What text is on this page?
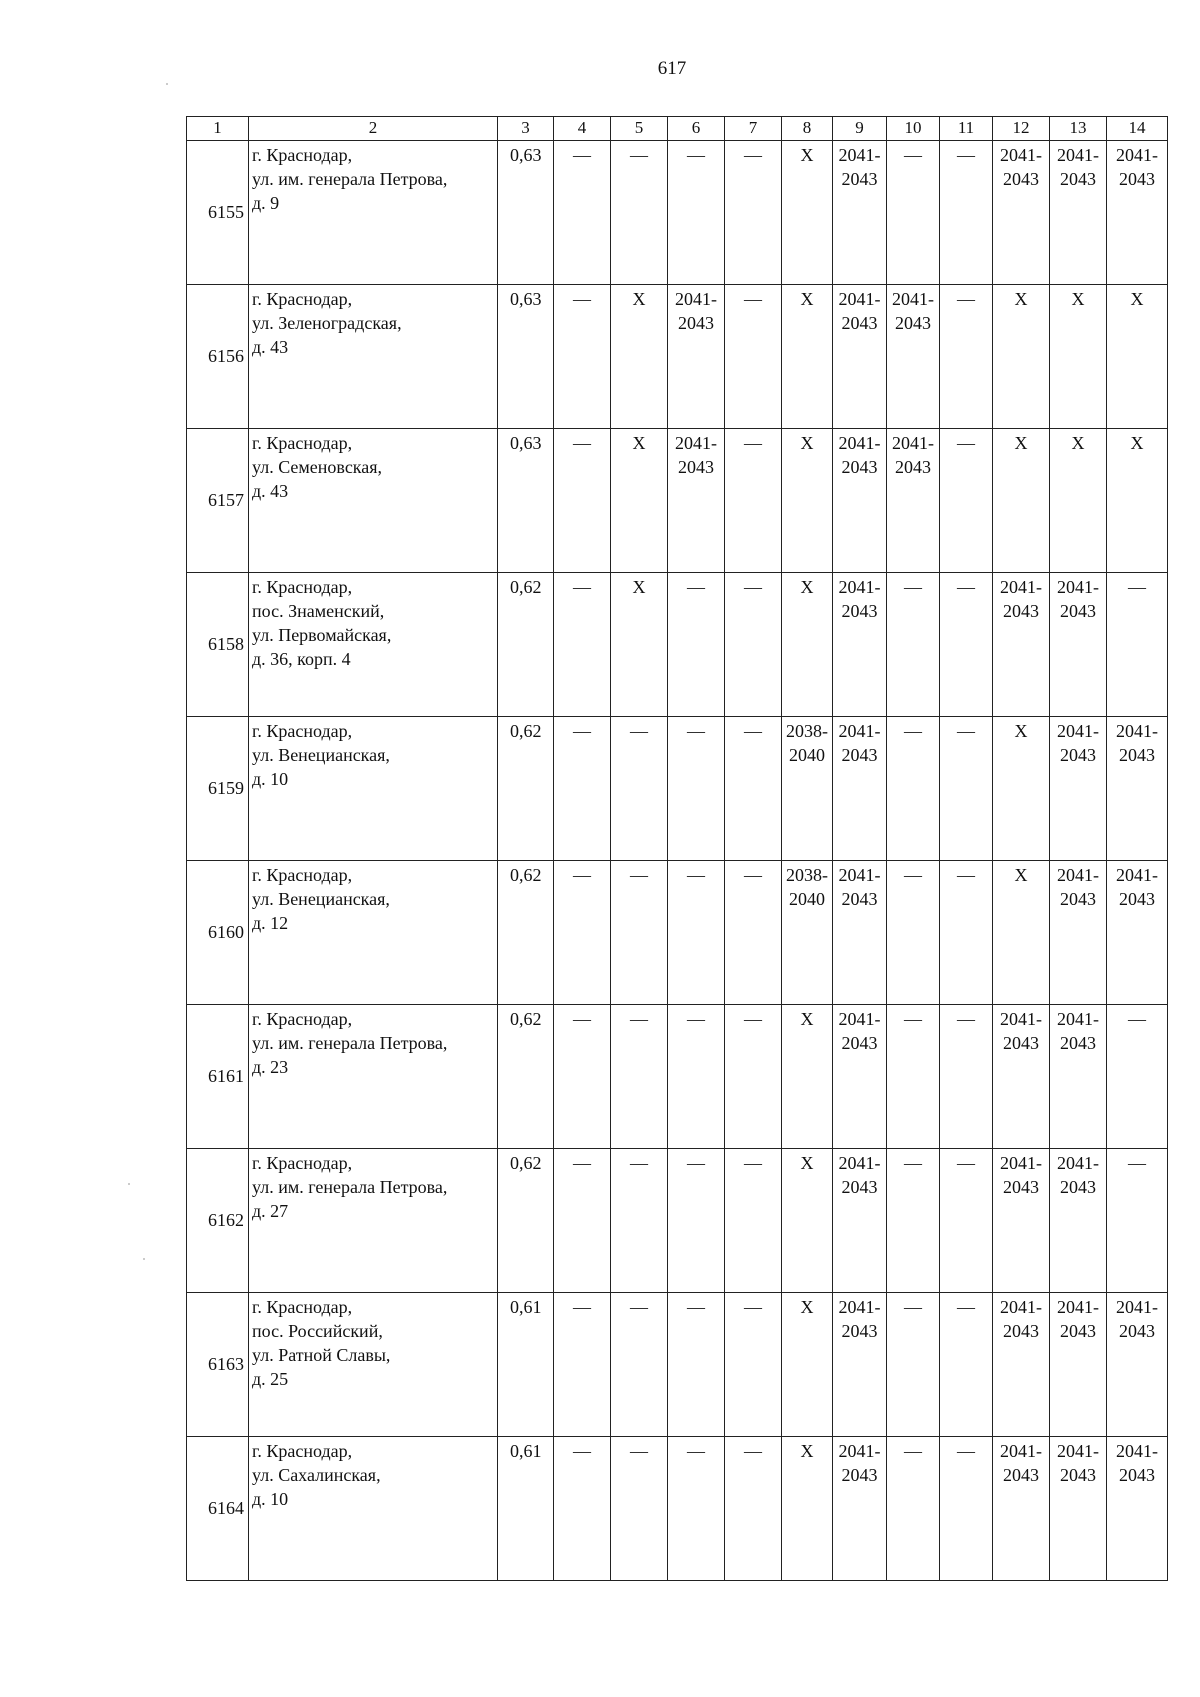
617
1	2	3	4	5	6	7	8	9	10	11	12	13	14
6155	г. Краснодар,
ул. им. генерала Петрова,
д. 9	0,63	—	—	—	—	X	2041-
2043	—	—	2041-
2043	2041-
2043	2041-
2043

6156	г. Краснодар,
ул. Зеленоградская,
д. 43	0,63	—	X	2041-
2043	—	X	2041-
2043	2041-
2043	—	X	X	X

6157	г. Краснодар,
ул. Семеновская,
д. 43	0,63	—	X	2041-
2043	—	X	2041-
2043	2041-
2043	—	X	X	X

6158	г. Краснодар,
пос. Знаменский,
ул. Первомайская,
д. 36, корп. 4	0,62	—	X	—	—	X	2041-
2043	—	—	2041-
2043	2041-
2043	—

6159	г. Краснодар,
ул. Венецианская,
д. 10	0,62	—	—	—	—	2038-
2040	2041-
2043	—	—	X	2041-
2043	2041-
2043

6160	г. Краснодар,
ул. Венецианская,
д. 12	0,62	—	—	—	—	2038-
2040	2041-
2043	—	—	X	2041-
2043	2041-
2043

6161	г. Краснодар,
ул. им. генерала Петрова,
д. 23	0,62	—	—	—	—	X	2041-
2043	—	—	2041-
2043	2041-
2043	—

6162	г. Краснодар,
ул. им. генерала Петрова,
д. 27	0,62	—	—	—	—	X	2041-
2043	—	—	2041-
2043	2041-
2043	—

6163	г. Краснодар,
пос. Российский,
ул. Ратной Славы,
д. 25	0,61	—	—	—	—	X	2041-
2043	—	—	2041-
2043	2041-
2043	2041-
2043

6164	г. Краснодар,
ул. Сахалинская,
д. 10	0,61	—	—	—	—	X	2041-
2043	—	—	2041-
2043	2041-
2043	2041-
2043
